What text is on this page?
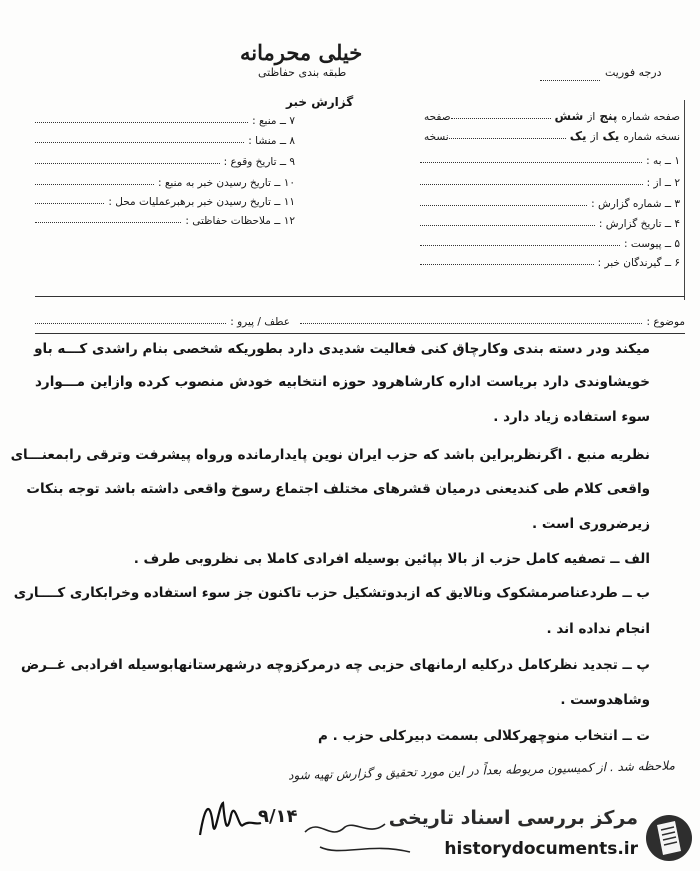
خیلی محرمانه
طبقه بندی حفاظتی	درجه فوریت
گزارش خبر
صفحه شماره
پنج
از
شش
صفحه
نسخه شماره
یک
از
یک
نسخه
۱ ــ به :
۲ ــ از :
۳ ــ شماره گزارش :
۴ ــ تاریخ گزارش :
۵ ــ پیوست :
۶ ــ گیرندگان خبر :
۷ ــ منبع :
۸ ــ منشا :
۹ ــ تاریخ وقوع :
۱۰ ــ تاریخ رسیدن خبر به منبع :
۱۱ ــ تاریخ رسیدن خبر برهبرعملیات محل :
۱۲ ــ ملاحظات حفاظتی :
موضوع :
عطف / پیرو :
میکند ودر دسته بندی وکارچاق کنی فعالیت شدیدی دارد بطوریکه شخصی بنام راشدی کـــه باو
خویشاوندی دارد بریاست اداره کارشاهرود حوزه انتخابیه خودش منصوب کرده وازاین مـــوارد
سوء استفاده زیاد دارد .
نظریه منبع . اگرنظربراین باشد که حزب ایران نوین پایدارمانده ورواه پیشرفت وترقی رابمعنـــای
واقعی کلام طی کندیعنی درمیان قشرهای مختلف اجتماع رسوخ واقعی داشته باشد توجه بنکات
زیرضروری است .
الف ــ تصفیه کامل حزب از بالا بپائین بوسیله افرادی کاملا بی نظروبی طرف .
ب ــ طردعناصرمشکوک ونالایق که ازبدوتشکیل حزب تاکنون جز سوء استفاده وخرابکاری کــــاری
انجام نداده اند .
پ ــ تجدید نظرکامل درکلیه ارمانهای حزبی چه درمرکزوچه درشهرستانهابوسیله افرادبی غــرض
وشاهدوست .
ت ــ انتخاب منوچهرکلالی بسمت دبیرکلی حزب . م
ملاحظه شد . از کمیسیون مربوطه بعداً در این مورد تحقیق و گزارش تهیه شود
۹/۱۴	مرکز بررسی اسناد تاریخی
historydocuments.ir
